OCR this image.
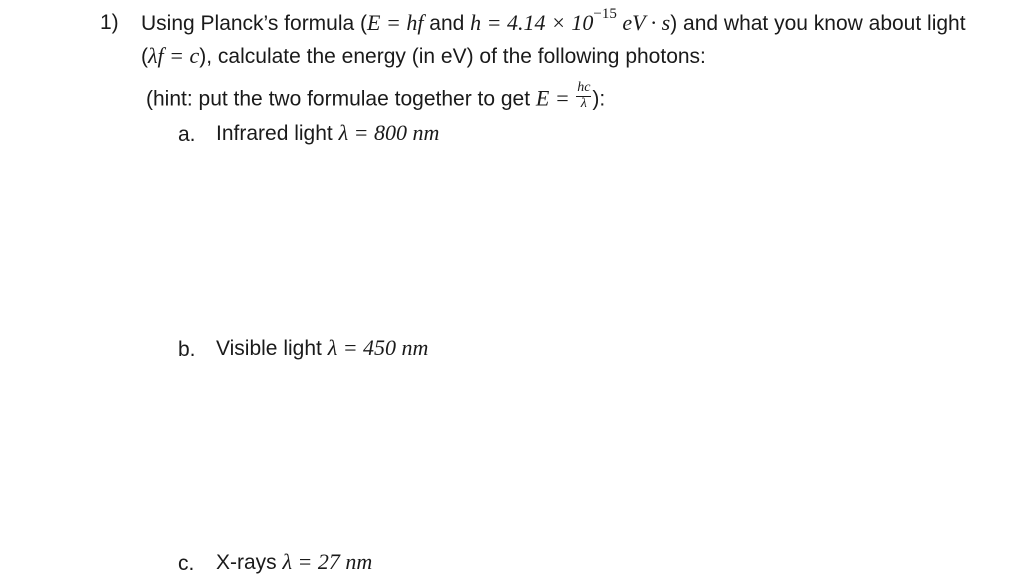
1) Using Planck’s formula (E = hf and $h = 4.14 \times 10^{-15}$ eV · s) and what you know about light
(λf = c), calculate the energy (in eV) of the following photons:
(hint: put the two formulae together to get $E = \frac{hc}{\lambda}$ ):
a. Infrared light λ = 800 nm
b. Visible light λ = 450 nm
c. X-rays λ = 27 nm
